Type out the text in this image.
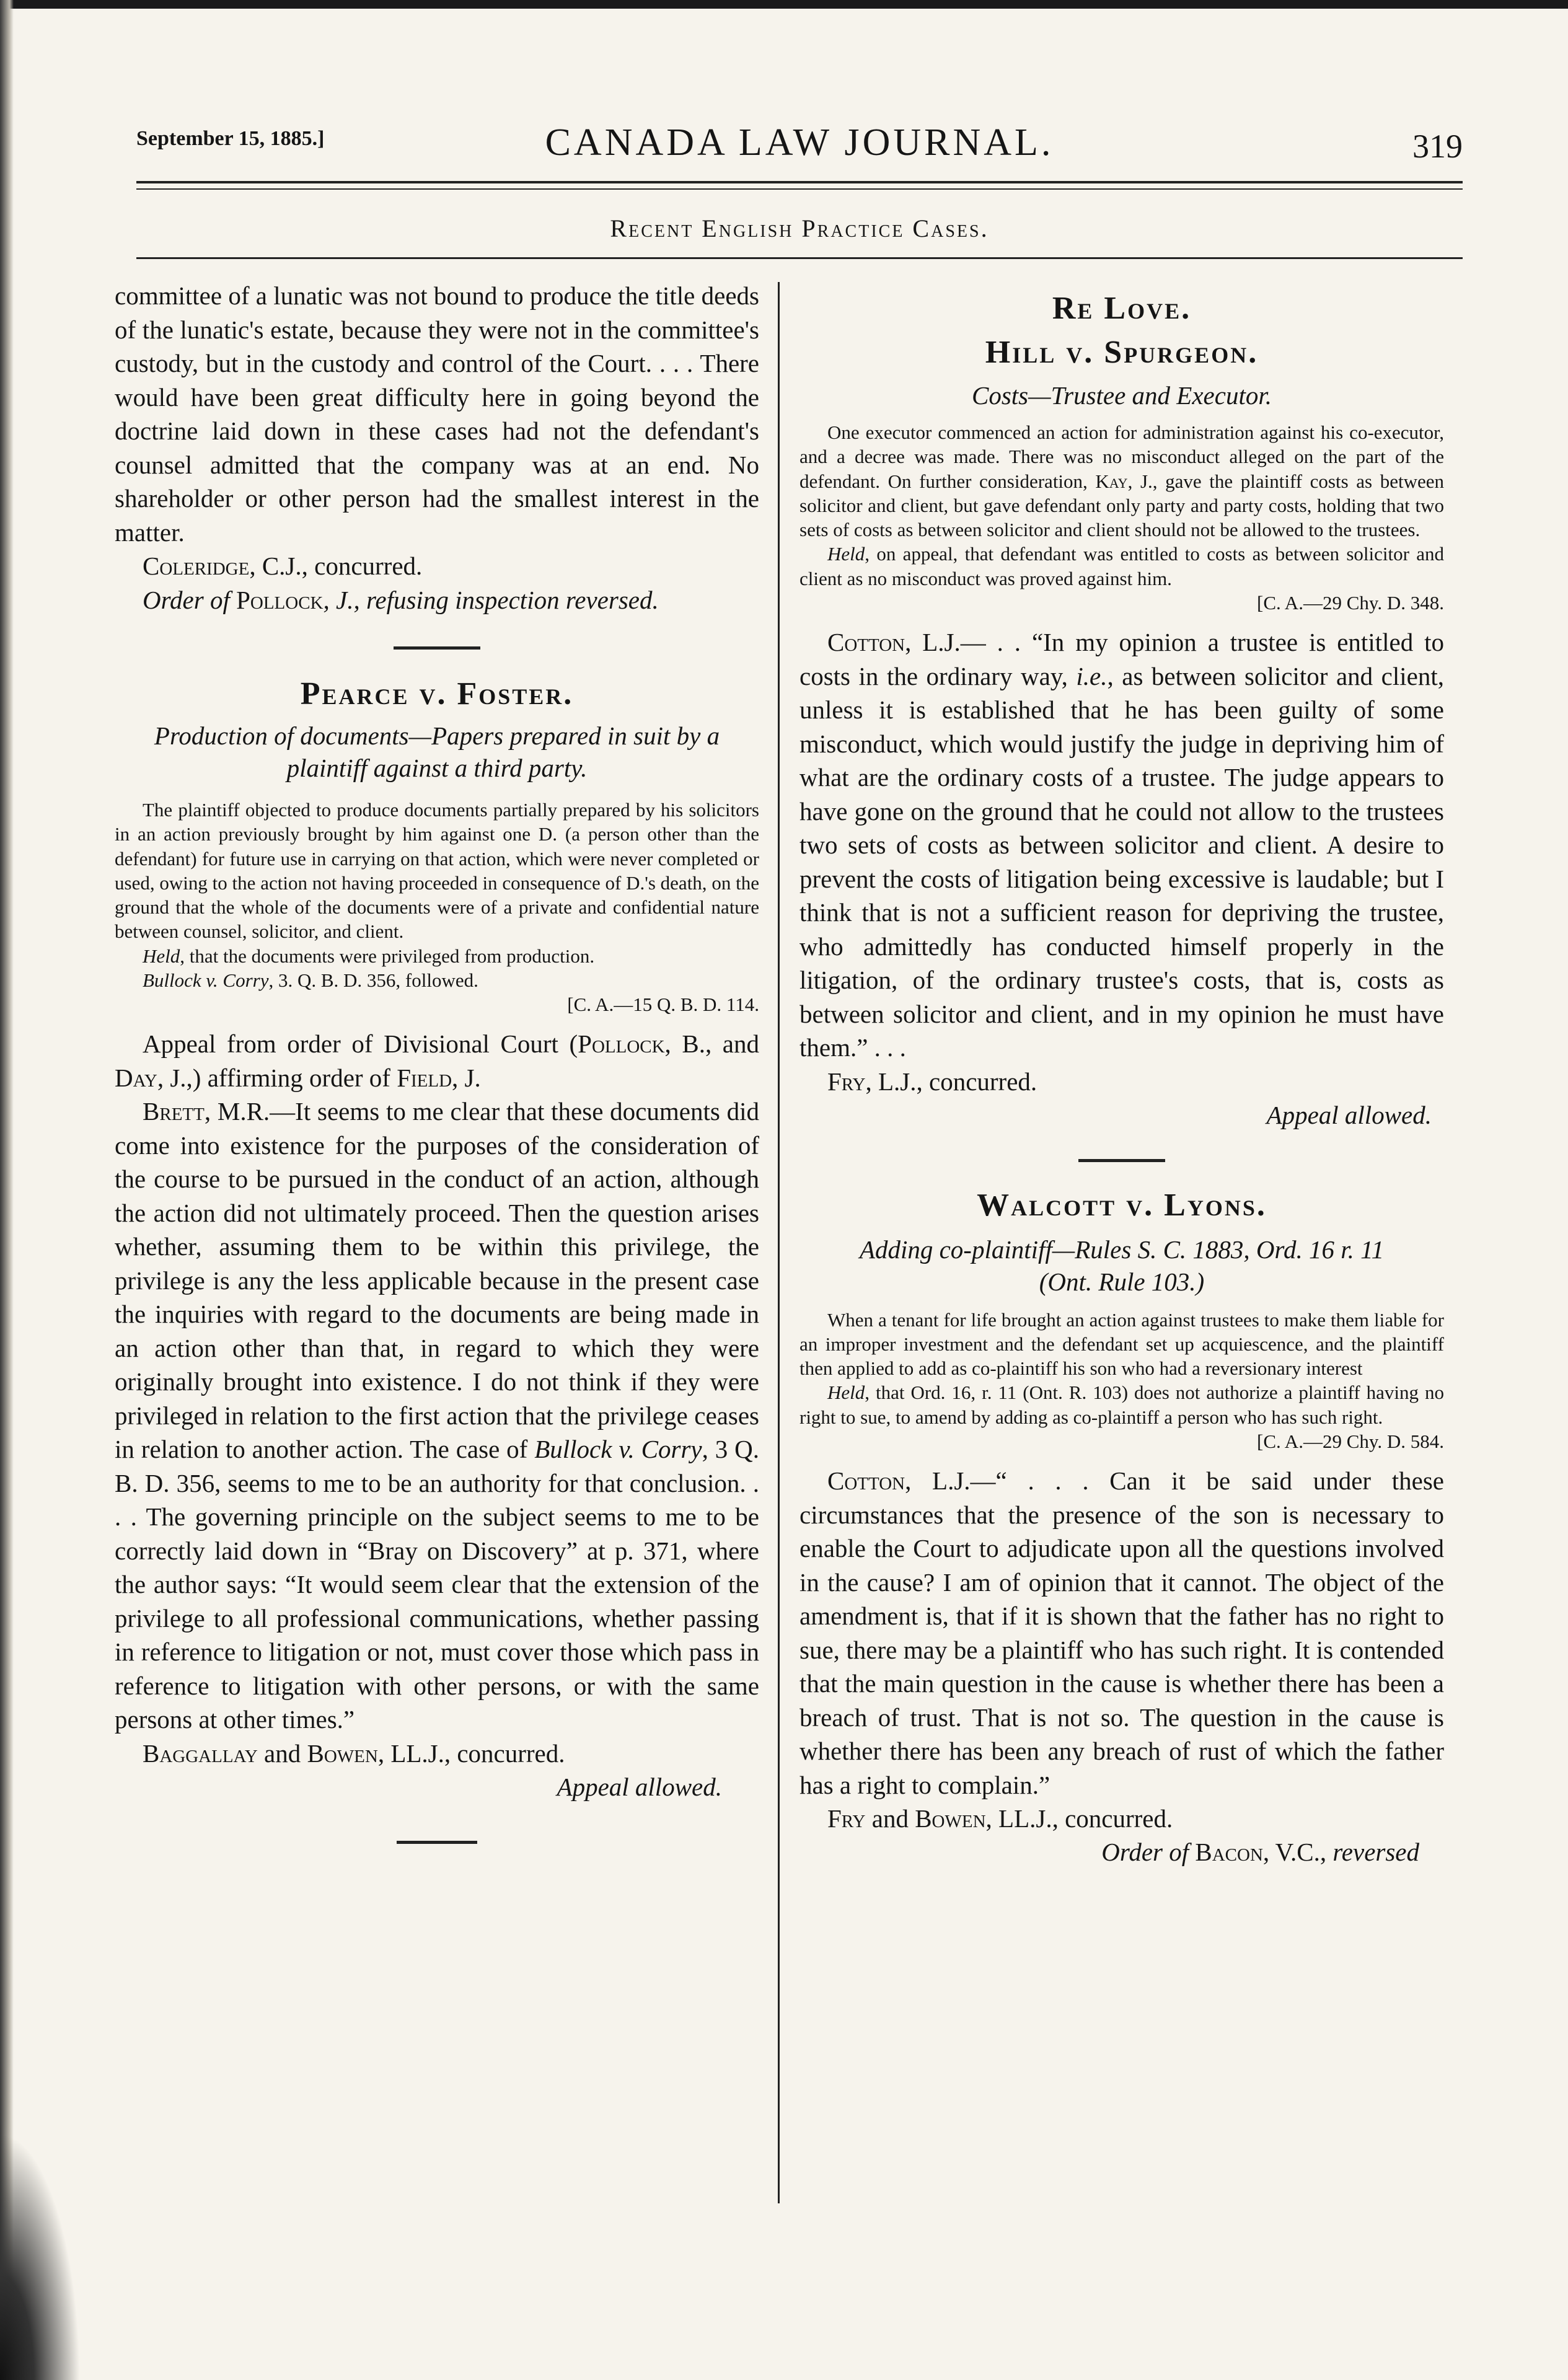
September 15, 1885.]	CANADA LAW JOURNAL.	319
Recent English Practice Cases.

committee of a lunatic was not bound to produce the title deeds of the lunatic's estate, because they were not in the committee's custody, but in the custody and control of the Court. . . . There would have been great difficulty here in going beyond the doctrine laid down in these cases had not the defendant's counsel admitted that the company was at an end. No shareholder or other person had the smallest interest in the matter.

Coleridge, C.J., concurred.

Order of Pollock, J., refusing inspection reversed.

Pearce v. Foster.

Production of documents—Papers prepared in suit by a plaintiff against a third party.

The plaintiff objected to produce documents partially prepared by his solicitors in an action previously brought by him against one D. (a person other than the defendant) for future use in carrying on that action, which were never completed or used, owing to the action not having proceeded in consequence of D.'s death, on the ground that the whole of the documents were of a private and confidential nature between counsel, solicitor, and client.

Held, that the documents were privileged from production.

Bullock v. Corry, 3. Q. B. D. 356, followed.

[C. A.—15 Q. B. D. 114.

Appeal from order of Divisional Court (Pollock, B., and Day, J.,) affirming order of Field, J.

Brett, M.R.—It seems to me clear that these documents did come into existence for the purposes of the consideration of the course to be pursued in the conduct of an action, although the action did not ultimately proceed. Then the question arises whether, assuming them to be within this privilege, the privilege is any the less applicable because in the present case the inquiries with regard to the documents are being made in an action other than that, in regard to which they were originally brought into existence. I do not think if they were privileged in relation to the first action that the privilege ceases in relation to another action. The case of Bullock v. Corry, 3 Q. B. D. 356, seems to me to be an authority for that conclusion. . . . The governing principle on the subject seems to me to be correctly laid down in “Bray on Discovery” at p. 371, where the author says: “It would seem clear that the extension of the privilege to all professional communications, whether passing in reference to litigation or not, must cover those which pass in reference to litigation with other persons, or with the same persons at other times.”

Baggallay and Bowen, LL.J., concurred.

Appeal allowed.

Re Love.
Hill v. Spurgeon.

Costs—Trustee and Executor.

One executor commenced an action for administration against his co-executor, and a decree was made. There was no misconduct alleged on the part of the defendant. On further consideration, Kay, J., gave the plaintiff costs as between solicitor and client, but gave defendant only party and party costs, holding that two sets of costs as between solicitor and client should not be allowed to the trustees.

Held, on appeal, that defendant was entitled to costs as between solicitor and client as no misconduct was proved against him.

[C. A.—29 Chy. D. 348.

Cotton, L.J.— . . “In my opinion a trustee is entitled to costs in the ordinary way, i.e., as between solicitor and client, unless it is established that he has been guilty of some misconduct, which would justify the judge in depriving him of what are the ordinary costs of a trustee. The judge appears to have gone on the ground that he could not allow to the trustees two sets of costs as between solicitor and client. A desire to prevent the costs of litigation being excessive is laudable; but I think that is not a sufficient reason for depriving the trustee, who admittedly has conducted himself properly in the litigation, of the ordinary trustee's costs, that is, costs as between solicitor and client, and in my opinion he must have them.” . . .

Fry, L.J., concurred.

Appeal allowed.

Walcott v. Lyons.

Adding co-plaintiff—Rules S. C. 1883, Ord. 16 r. 11

(Ont. Rule 103.)

When a tenant for life brought an action against trustees to make them liable for an improper investment and the defendant set up acquiescence, and the plaintiff then applied to add as co-plaintiff his son who had a reversionary interest

Held, that Ord. 16, r. 11 (Ont. R. 103) does not authorize a plaintiff having no right to sue, to amend by adding as co-plaintiff a person who has such right.

[C. A.—29 Chy. D. 584.

Cotton, L.J.—“ . . . Can it be said under these circumstances that the presence of the son is necessary to enable the Court to adjudicate upon all the questions involved in the cause? I am of opinion that it cannot. The object of the amendment is, that if it is shown that the father has no right to sue, there may be a plaintiff who has such right. It is contended that the main question in the cause is whether there has been a breach of trust. That is not so. The question in the cause is whether there has been any breach of rust of which the father has a right to complain.”

Fry and Bowen, LL.J., concurred.

Order of Bacon, V.C., reversed
